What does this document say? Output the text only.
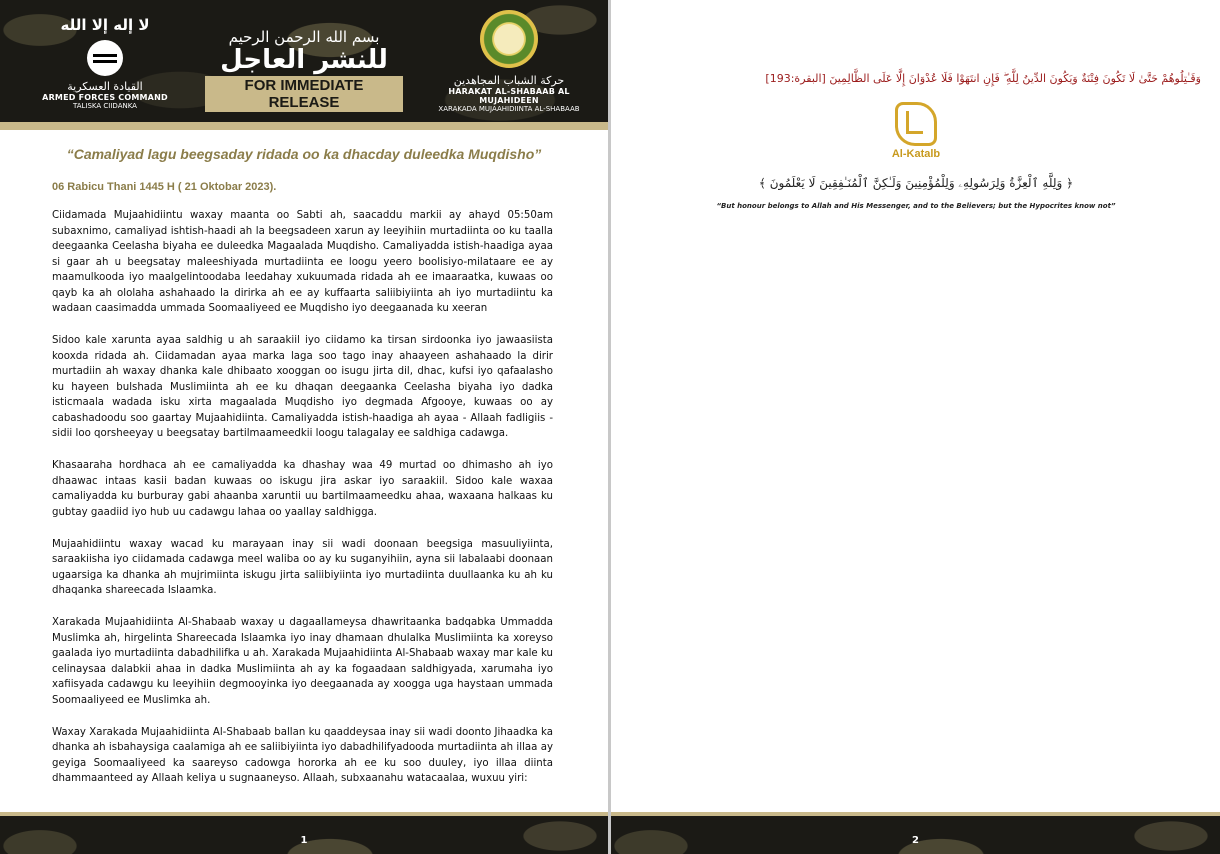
لا إله إلا الله
القيادة العسكرية
ARMED FORCES COMMAND
TALISKA CIIDANKA
بسم الله الرحمن الرحيم
للنشر العاجل
FOR IMMEDIATE RELEASE
حركة الشباب المجاهدين
HARAKAT AL-SHABAAB AL MUJAHIDEEN
XARAKADA MUJAAHIDIINTA AL-SHABAAB
“Camaliyad lagu beegsaday ridada oo ka dhacday duleedka Muqdisho”
06 Rabicu Thani 1445 H ( 21 Oktobar 2023).

Ciidamada Mujaahidiintu waxay maanta oo Sabti ah, saacaddu markii ay ahayd 05:50am subaxnimo, camaliyad ishtish-haadi ah la beegsadeen xarun ay leeyihiin murtadiinta oo ku taalla deegaanka Ceelasha biyaha ee duleedka Magaalada Muqdisho. Camaliyadda istish-haadiga ayaa si gaar ah u beegsatay maleeshiyada murtadiinta ee loogu yeero boolisiyo-milataare ee ay maamulkooda iyo maalgelintoodaba leedahay xukuumada ridada ah ee imaaraatka, kuwaas oo qayb ka ah ololaha ashahaado la dirirka ah ee ay kuffaarta saliibiyiinta ah iyo murtadiintu ka wadaan caasimadda ummada Soomaaliyeed ee Muqdisho iyo deegaanada ku xeeran

Sidoo kale xarunta ayaa saldhig u ah saraakiil iyo ciidamo ka tirsan sirdoonka iyo jawaasiista kooxda ridada ah. Ciidamadan ayaa marka laga soo tago inay ahaayeen ashahaado la dirir murtadiin ah waxay dhanka kale dhibaato xooggan oo isugu jirta dil, dhac, kufsi iyo qafaalasho ku hayeen bulshada Muslimiinta ah ee ku dhaqan deegaanka Ceelasha biyaha iyo dadka isticmaala wadada isku xirta magaalada Muqdisho iyo degmada Afgooye, kuwaas oo ay cabashadoodu soo gaartay Mujaahidiinta. Camaliyadda istish-haadiga ah ayaa - Allaah fadligiis - sidii loo qorsheeyay u beegsatay bartilmaameedkii loogu talagalay ee saldhiga cadawga.

Khasaaraha hordhaca ah ee camaliyadda ka dhashay waa 49 murtad oo dhimasho ah iyo dhaawac intaas kasii badan kuwaas oo iskugu jira askar iyo saraakiil. Sidoo kale waxaa camaliyadda ku burburay gabi ahaanba xaruntii uu bartilmaameedku ahaa, waxaana halkaas ku gubtay gaadiid iyo hub uu cadawgu lahaa oo yaallay saldhigga.

Mujaahidiintu waxay wacad ku marayaan inay sii wadi doonaan beegsiga masuuliyiinta, saraakiisha iyo ciidamada cadawga meel waliba oo ay ku suganyihiin, ayna sii labalaabi doonaan ugaarsiga ka dhanka ah mujrimiinta iskugu jirta saliibiyiinta iyo murtadiinta duullaanka ku ah ku dhaqanka shareecada Islaamka.

Xarakada Mujaahidiinta Al-Shabaab waxay u dagaallameysa dhawritaanka badqabka Ummadda Muslimka ah, hirgelinta Shareecada Islaamka iyo inay dhamaan dhulalka Muslimiinta ka xoreyso gaalada iyo murtadiinta dabadhilifka u ah. Xarakada Mujaahidiinta Al-Shabaab waxay mar kale ku celinaysaa dalabkii ahaa in dadka Muslimiinta ah ay ka fogaadaan saldhigyada, xarumaha iyo xafiisyada cadawgu ku leeyihiin degmooyinka iyo deegaanada ay xoogga uga haystaan ummada Soomaaliyeed ee Muslimka ah.

Waxay Xarakada Mujaahidiinta Al-Shabaab ballan ku qaaddeysaa inay sii wadi doonto Jihaadka ka dhanka ah isbahaysiga caalamiga ah ee saliibiyiinta iyo dabadhilifyadooda murtadiinta ah illaa ay geyiga Soomaaliyeed ka saareyso cadowga hororka ah ee ku soo duuley, iyo illaa diinta dhammaanteed ay Allaah keliya u sugnaaneyso. Allaah, subxaanahu watacaalaa, wuxuu yiri:

1
وَقَـٰتِلُوهُمْ حَتَّىٰ لَا تَكُونَ فِتْنَةٌ وَيَكُونَ الدِّينُ لِلَّهِ ۖ فَإِنِ انتَهَوْا فَلَا عُدْوَانَ إِلَّا عَلَى الظَّالِمِينَ [البقرة:193]
Al-Katalb
﴿ وَلِلَّهِ ٱلْعِزَّةُ وَلِرَسُولِهِۦ وَلِلْمُؤْمِنِينَ وَلَـٰكِنَّ ٱلْمُنَـٰفِقِينَ لَا يَعْلَمُونَ ﴾
“But honour belongs to Allah and His Messenger, and to the Believers; but the Hypocrites know not”
2
